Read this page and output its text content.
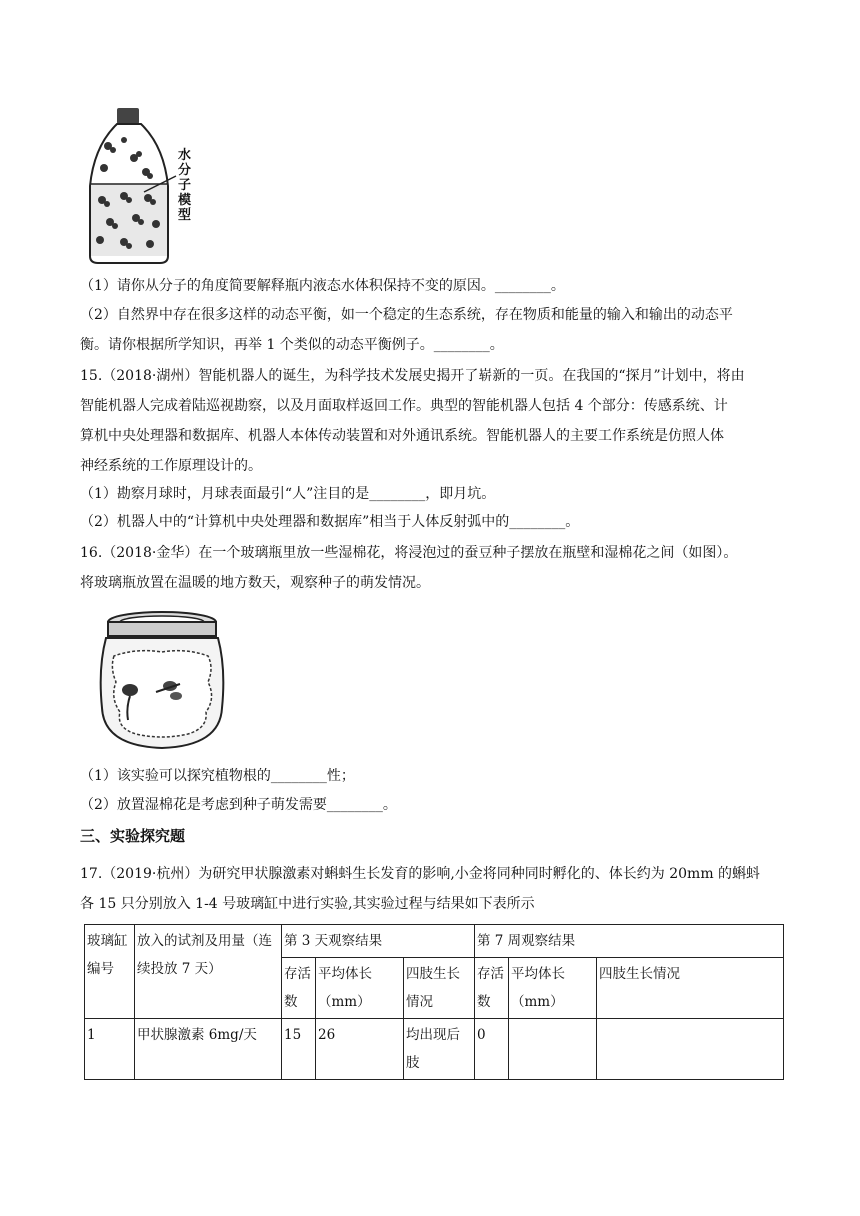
水
分
子
模
型
（1）请你从分子的角度简要解释瓶内液态水体积保持不变的原因。________。
（2）自然界中存在很多这样的动态平衡，如一个稳定的生态系统，存在物质和能量的输入和输出的动态平
衡。请你根据所学知识，再举 1 个类似的动态平衡例子。________。
15.（2018·湖州）智能机器人的诞生，为科学技术发展史揭开了崭新的一页。在我国的“探月”计划中，将由
智能机器人完成着陆巡视勘察，以及月面取样返回工作。典型的智能机器人包括 4 个部分：传感系统、计
算机中央处理器和数据库、机器人本体传动装置和对外通讯系统。智能机器人的主要工作系统是仿照人体
神经系统的工作原理设计的。
（1）勘察月球时，月球表面最引“人”注目的是________，即月坑。
（2）机器人中的“计算机中央处理器和数据库”相当于人体反射弧中的________。
16.（2018·金华）在一个玻璃瓶里放一些湿棉花，将浸泡过的蚕豆种子摆放在瓶壁和湿棉花之间（如图）。
将玻璃瓶放置在温暖的地方数天，观察种子的萌发情况。
（1）该实验可以探究植物根的________性；
（2）放置湿棉花是考虑到种子萌发需要________。
三、实验探究题
17.（2019·杭州）为研究甲状腺激素对蝌蚪生长发育的影响,小金将同种同时孵化的、体长约为 20mm 的蝌蚪
各 15 只分别放入 1-4 号玻璃缸中进行实验,其实验过程与结果如下表所示
玻璃缸编号	放入的试剂及用量（连续投放 7 天）	第 3 天观察结果			第 7 周观察结果		
		存活数	平均体长（mm）	四肢生长情况	存活数	平均体长（mm）	四肢生长情况
1	甲状腺激素 6mg/天	15	26	均出现后肢	0		
